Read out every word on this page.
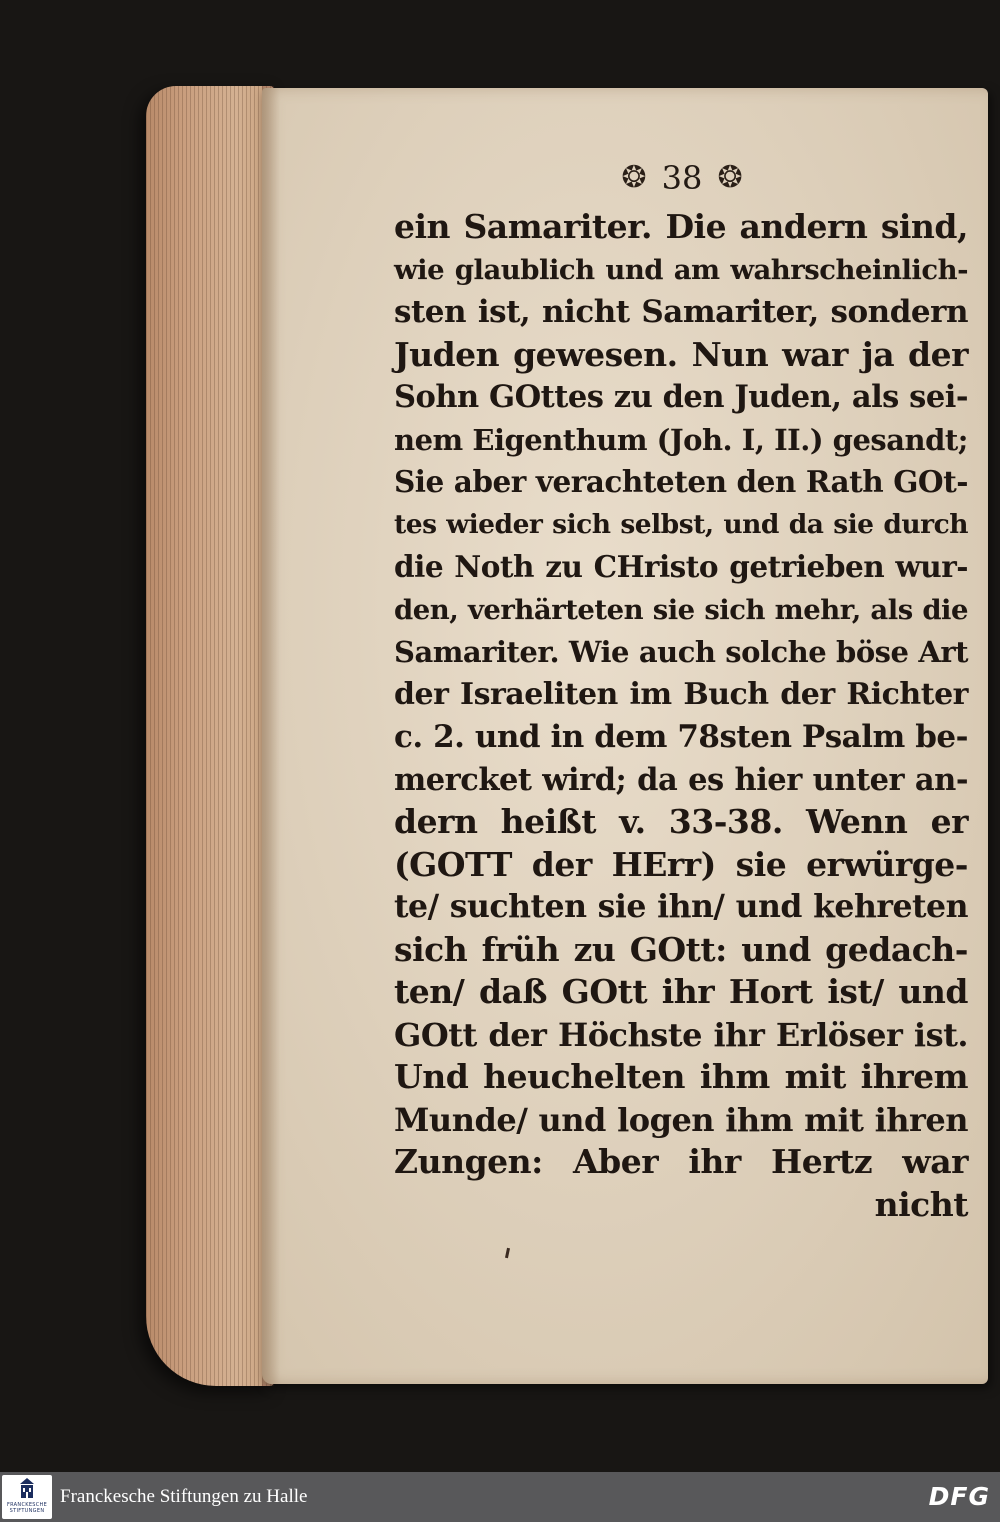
❂ 38 ❂
ein Samariter. Die andern sind,
wie glaublich und am wahrscheinlich-
sten ist, nicht Samariter, sondern
Juden gewesen. Nun war ja der
Sohn GOttes zu den Juden, als sei-
nem Eigenthum (Joh. I, II.) gesandt;
Sie aber verachteten den Rath GOt-
tes wieder sich selbst, und da sie durch
die Noth zu CHristo getrieben wur-
den, verhärteten sie sich mehr, als die
Samariter. Wie auch solche böse Art
der Israeliten im Buch der Richter
c. 2. und in dem 78sten Psalm be-
mercket wird; da es hier unter an-
dern heißt v. 33-38. Wenn er
(GOTT der HErr) sie erwürge-
te/ suchten sie ihn/ und kehreten
sich früh zu GOtt: und gedach-
ten/ daß GOtt ihr Hort ist/ und
GOtt der Höchste ihr Erlöser ist.
Und heuchelten ihm mit ihrem
Munde/ und logen ihm mit ihren
Zungen: Aber ihr Hertz war
nicht
FRANCKESCHE
STIFTUNGEN
Franckesche Stiftungen zu Halle	DFG
